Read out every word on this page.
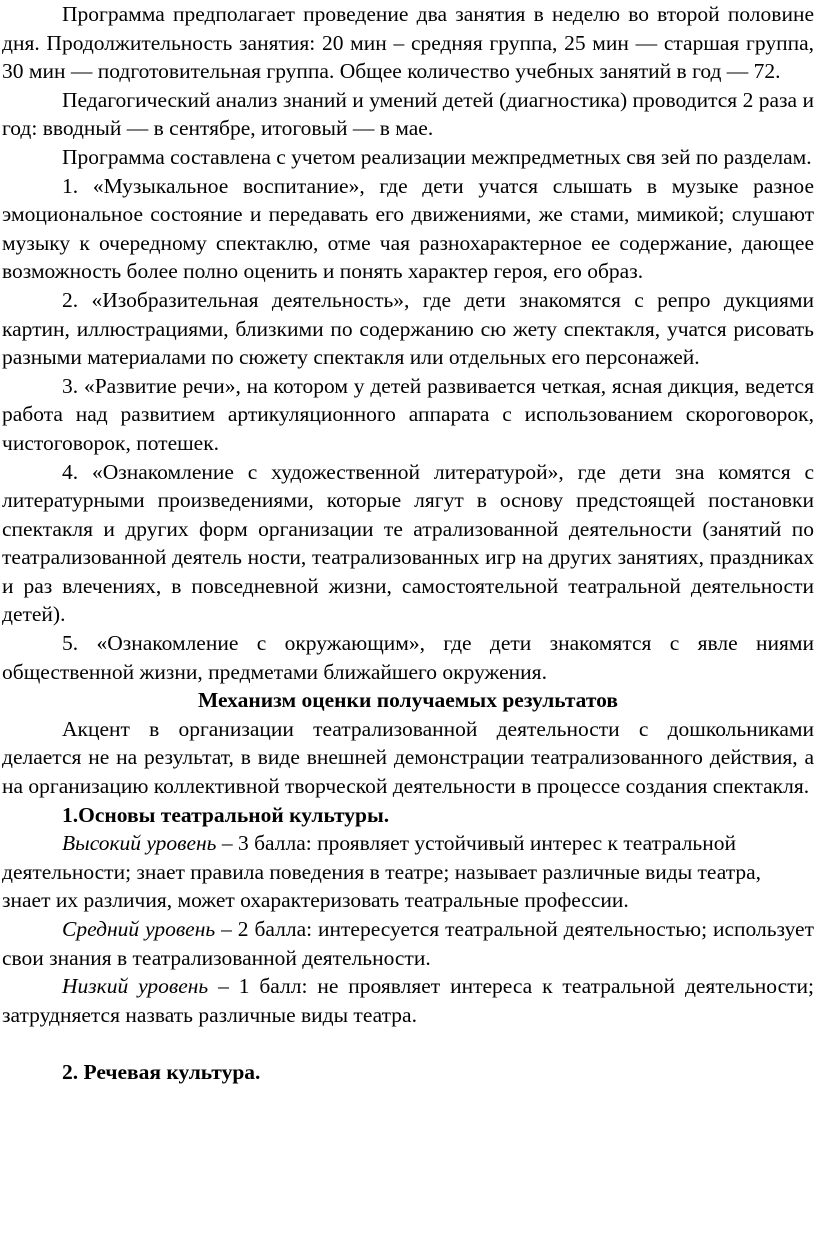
Программа предполагает проведение два занятия в неделю во второй половине дня. Продолжительность занятия: 20 мин – средняя группа, 25 мин — старшая группа, 30 мин — подготовительная группа. Общее количество учебных занятий в год — 72.

Педагогический анализ знаний и умений детей (диагностика) проводится 2 раза и год: вводный — в сентябре, итоговый — в мае.

Программа составлена с учетом реализации межпредметных свя зей по разделам.

1. «Музыкальное воспитание», где дети учатся слышать в музыке разное эмоциональное состояние и передавать его движениями, же стами, мимикой; слушают музыку к очередному спектаклю, отме чая разнохарактерное ее содержание, дающее возможность более полно оценить и понять характер героя, его образ.

2. «Изобразительная деятельность», где дети знакомятся с репро дукциями картин, иллюстрациями, близкими по содержанию сю жету спектакля, учатся рисовать разными материалами по сюжету спектакля или отдельных его персонажей.

3. «Развитие речи», на котором у детей развивается четкая, ясная дикция, ведется работа над развитием артикуляционного аппарата с использованием скороговорок, чистоговорок, потешек.

4. «Ознакомление с художественной литературой», где дети зна комятся с литературными произведениями, которые лягут в основу предстоящей постановки спектакля и других форм организации те атрализованной деятельности (занятий по театрализованной деятель ности, театрализованных игр на других занятиях, праздниках и раз влечениях, в повседневной жизни, самостоятельной театральной деятельности детей).

5. «Ознакомление с окружающим», где дети знакомятся с явле ниями общественной жизни, предметами ближайшего окружения.

Механизм оценки получаемых результатов

Акцент в организации театрализованной деятельности с дошкольниками делается не на результат, в виде внешней демонстрации театрализованного действия, а на организацию коллективной творческой деятельности в процессе создания спектакля.

1.Основы театральной культуры.

Высокий уровень – 3 балла: проявляет устойчивый интерес к театральной деятельности; знает правила поведения в театре; называет различные виды театра, знает их различия, может охарактеризовать театральные профессии.

Средний уровень – 2 балла: интересуется театральной деятельностью; использует свои знания в театрализованной деятельности.

Низкий уровень – 1 балл: не проявляет интереса к театральной деятельности; затрудняется назвать различные виды театра.

2. Речевая культура.
